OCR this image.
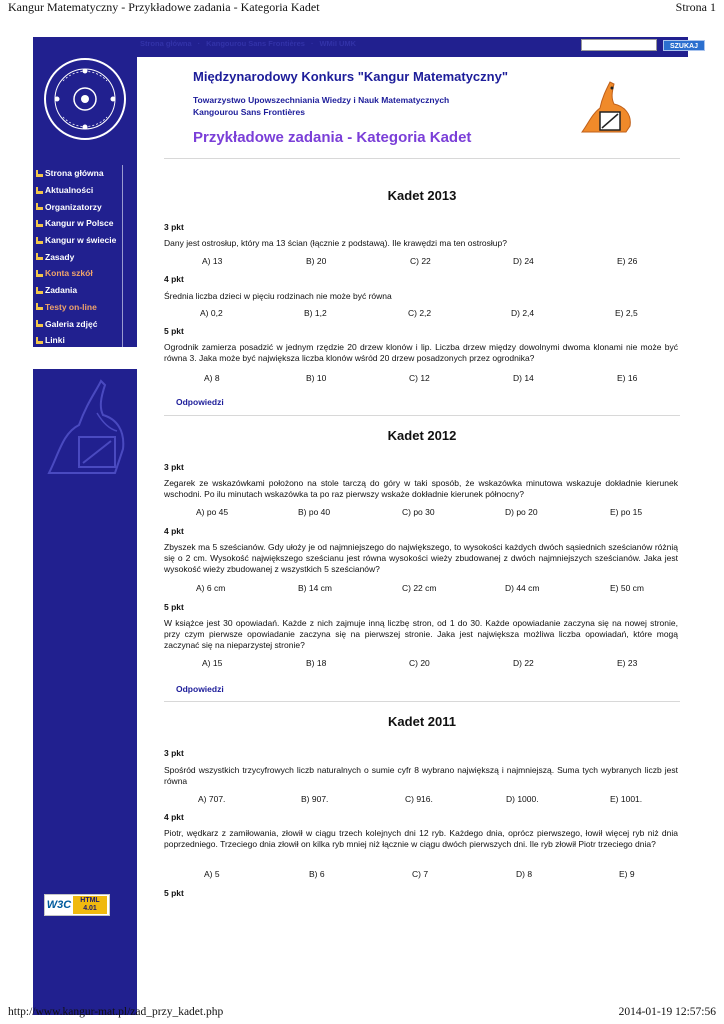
Kangur Matematyczny - Przykładowe zadania - Kategoria Kadet	Strona 1
Strona główna
Aktualności
Organizatorzy
Kangur w Polsce
Kangur w świecie
Zasady
Konta szkół
Zadania
Testy on-line
Galeria zdjęć
Linki
W3C	HTML
4.01
Strona główna · Kangourou Sans Frontières · WMiI UMK	SZUKAJ
Międzynarodowy Konkurs "Kangur Matematyczny"
Towarzystwo Upowszechniania Wiedzy i Nauk Matematycznych
Kangourou Sans Frontières
Przykładowe zadania - Kategoria Kadet
Kadet 2013
3 pkt
Dany jest ostrosłup, który ma 13 ścian (łącznie z podstawą). Ile krawędzi ma ten ostrosłup?
A) 13	B) 20	C) 22	D) 24	E) 26
4 pkt
Średnia liczba dzieci w pięciu rodzinach nie może być równa
A) 0,2	B) 1,2	C) 2,2	D) 2,4	E) 2,5
5 pkt
Ogrodnik zamierza posadzić w jednym rzędzie 20 drzew klonów i lip. Liczba drzew między dowolnymi dwoma klonami nie może być równa 3. Jaka może być największa liczba klonów wśród 20 drzew posadzonych przez ogrodnika?
A) 8	B) 10	C) 12	D) 14	E) 16
Odpowiedzi
Kadet 2012
3 pkt
Zegarek ze wskazówkami położono na stole tarczą do góry w taki sposób, że wskazówka minutowa wskazuje dokładnie kierunek wschodni. Po ilu minutach wskazówka ta po raz pierwszy wskaże dokładnie kierunek północny?
A) po 45	B) po 40	C) po 30	D) po 20	E) po 15
4 pkt
Zbyszek ma 5 sześcianów. Gdy ułoży je od najmniejszego do największego, to wysokości każdych dwóch sąsiednich sześcianów różnią się o 2 cm. Wysokość największego sześcianu jest równa wysokości wieży zbudowanej z dwóch najmniejszych sześcianów. Jaka jest wysokość wieży zbudowanej z wszystkich 5 sześcianów?
A) 6 cm	B) 14 cm	C) 22 cm	D) 44 cm	E) 50 cm
5 pkt
W książce jest 30 opowiadań. Każde z nich zajmuje inną liczbę stron, od 1 do 30. Każde opowiadanie zaczyna się na nowej stronie, przy czym pierwsze opowiadanie zaczyna się na pierwszej stronie. Jaka jest największa możliwa liczba opowiadań, które mogą zaczynać się na nieparzystej stronie?
A) 15	B) 18	C) 20	D) 22	E) 23
Odpowiedzi
Kadet 2011
3 pkt
Spośród wszystkich trzycyfrowych liczb naturalnych o sumie cyfr 8 wybrano największą i najmniejszą. Suma tych wybranych liczb jest równa
A) 707.	B) 907.	C) 916.	D) 1000.	E) 1001.
4 pkt
Piotr, wędkarz z zamiłowania, złowił w ciągu trzech kolejnych dni 12 ryb. Każdego dnia, oprócz pierwszego, łowił więcej ryb niż dnia poprzedniego. Trzeciego dnia złowił on kilka ryb mniej niż łącznie w ciągu dwóch pierwszych dni. Ile ryb złowił Piotr trzeciego dnia?
A) 5	B) 6	C) 7	D) 8	E) 9
5 pkt
http://www.kangur-mat.pl/zad_przy_kadet.php	2014-01-19 12:57:56
